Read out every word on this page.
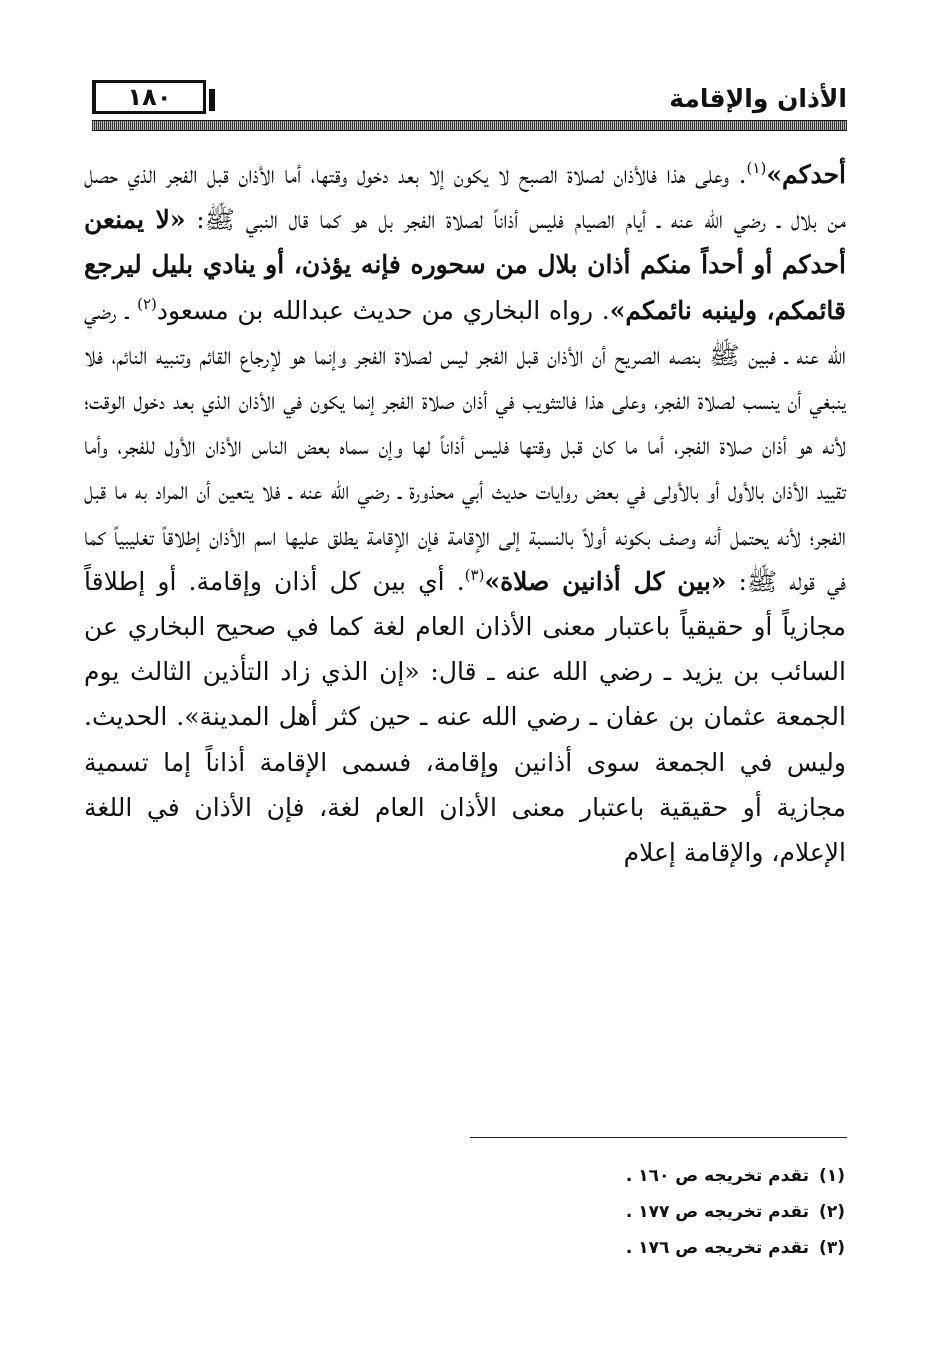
١٨٠	الأذان والإقامة

أحدكم»$^{(١)}$. وعلى هذا فالأذان لصلاة الصبح لا يكون إلا بعد دخول وقتها، أما الأذان قبل الفجر الذي حصل من بلال ـ رضي الله عنه ـ أيام الصيام فليس أذاناً لصلاة الفجر بل هو كما قال النبي ﷺ: «لا يمنعن أحدكم أو أحداً منكم أذان بلال من سحوره فإنه يؤذن، أو ينادي بليل ليرجع قائمكم، ولينبه نائمكم». رواه البخاري من حديث عبدالله بن مسعود$^{(٢)}$ ـ رضي الله عنه ـ فبين ﷺ بنصه الصريح أن الأذان قبل الفجر ليس لصلاة الفجر وإنما هو لإرجاع القائم وتنبيه النائم، فلا ينبغي أن ينسب لصلاة الفجر، وعلى هذا فالتثويب في أذان صلاة الفجر إنما يكون في الأذان الذي بعد دخول الوقت؛ لأنه هو أذان صلاة الفجر، أما ما كان قبل وقتها فليس أذاناً لها وإن سماه بعض الناس الأذان الأول للفجر، وأما تقييد الأذان بالأول أو بالأولى في بعض روايات حديث أبي محذورة ـ رضي الله عنه ـ فلا يتعين أن المراد به ما قبل الفجر؛ لأنه يحتمل أنه وصف بكونه أولاً بالنسبة إلى الإقامة فإن الإقامة يطلق عليها اسم الأذان إطلاقاً تغليبياً كما في قوله ﷺ: «بين كل أذانين صلاة»$^{(٣)}$. أي بين كل أذان وإقامة. أو إطلاقاً مجازياً أو حقيقياً باعتبار معنى الأذان العام لغة كما في صحيح البخاري عن السائب بن يزيد ـ رضي الله عنه ـ قال: «إن الذي زاد التأذين الثالث يوم الجمعة عثمان بن عفان ـ رضي الله عنه ـ حين كثر أهل المدينة». الحديث. وليس في الجمعة سوى أذانين وإقامة، فسمى الإقامة أذاناً إما تسمية مجازية أو حقيقية باعتبار معنى الأذان العام لغة، فإن الأذان في اللغة الإعلام، والإقامة إعلام

(١)
تقدم تخريجه ص ١٦٠ .
(٢)
تقدم تخريجه ص ١٧٧ .
(٣)
تقدم تخريجه ص ١٧٦ .
